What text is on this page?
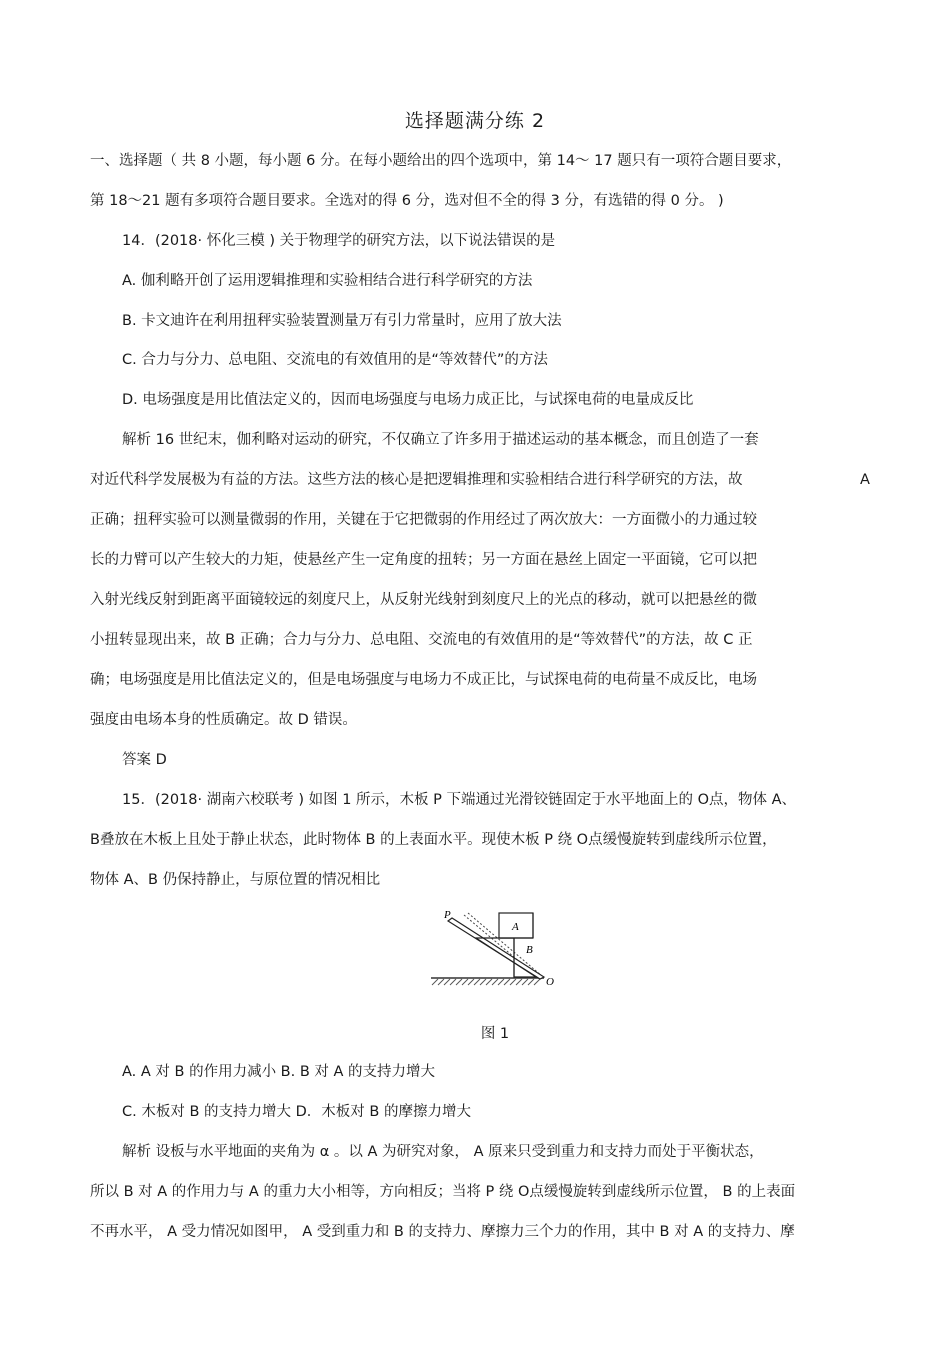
选择题满分练 2
一、选择题（ 共 8 小题，每小题 6 分。在每小题给出的四个选项中，第 14～ 17 题只有一项符合题目要求，
第 18～21 题有多项符合题目要求。全选对的得 6 分，选对但不全的得 3 分，有选错的得 0 分。 )
14．(2018· 怀化三模 ) 关于物理学的研究方法，以下说法错误的是
A. 伽利略开创了运用逻辑推理和实验相结合进行科学研究的方法
B. 卡文迪许在利用扭秤实验装置测量万有引力常量时，应用了放大法
C. 合力与分力、总电阻、交流电的有效值用的是“等效替代”的方法
D. 电场强度是用比值法定义的，因而电场强度与电场力成正比，与试探电荷的电量成反比
解析 16 世纪末，伽利略对运动的研究，不仅确立了许多用于描述运动的基本概念，而且创造了一套
对近代科学发展极为有益的方法。这些方法的核心是把逻辑推理和实验相结合进行科学研究的方法，故	A
正确；扭秤实验可以测量微弱的作用，关键在于它把微弱的作用经过了两次放大：一方面微小的力通过较
长的力臂可以产生较大的力矩，使悬丝产生一定角度的扭转；另一方面在悬丝上固定一平面镜，它可以把
入射光线反射到距离平面镜较远的刻度尺上，从反射光线射到刻度尺上的光点的移动，就可以把悬丝的微
小扭转显现出来，故 B 正确；合力与分力、总电阻、交流电的有效值用的是“等效替代”的方法，故 C 正
确；电场强度是用比值法定义的，但是电场强度与电场力不成正比，与试探电荷的电荷量不成反比，电场
强度由电场本身的性质确定。故 D 错误。
答案 D
15．(2018· 湖南六校联考 ) 如图 1 所示，木板 P 下端通过光滑铰链固定于水平地面上的 O点，物体 A、
B叠放在木板上且处于静止状态，此时物体 B 的上表面水平。现使木板 P 绕 O点缓慢旋转到虚线所示位置，
物体 A、B 仍保持静止，与原位置的情况相比
P
A
B
O
图 1
A. A 对 B 的作用力减小 B. B 对 A 的支持力增大
C. 木板对 B 的支持力增大 D．木板对 B 的摩擦力增大
解析 设板与水平地面的夹角为 α 。以 A 为研究对象， A 原来只受到重力和支持力而处于平衡状态，
所以 B 对 A 的作用力与 A 的重力大小相等，方向相反；当将 P 绕 O点缓慢旋转到虚线所示位置， B 的上表面
不再水平， A 受力情况如图甲， A 受到重力和 B 的支持力、摩擦力三个力的作用，其中 B 对 A 的支持力、摩
